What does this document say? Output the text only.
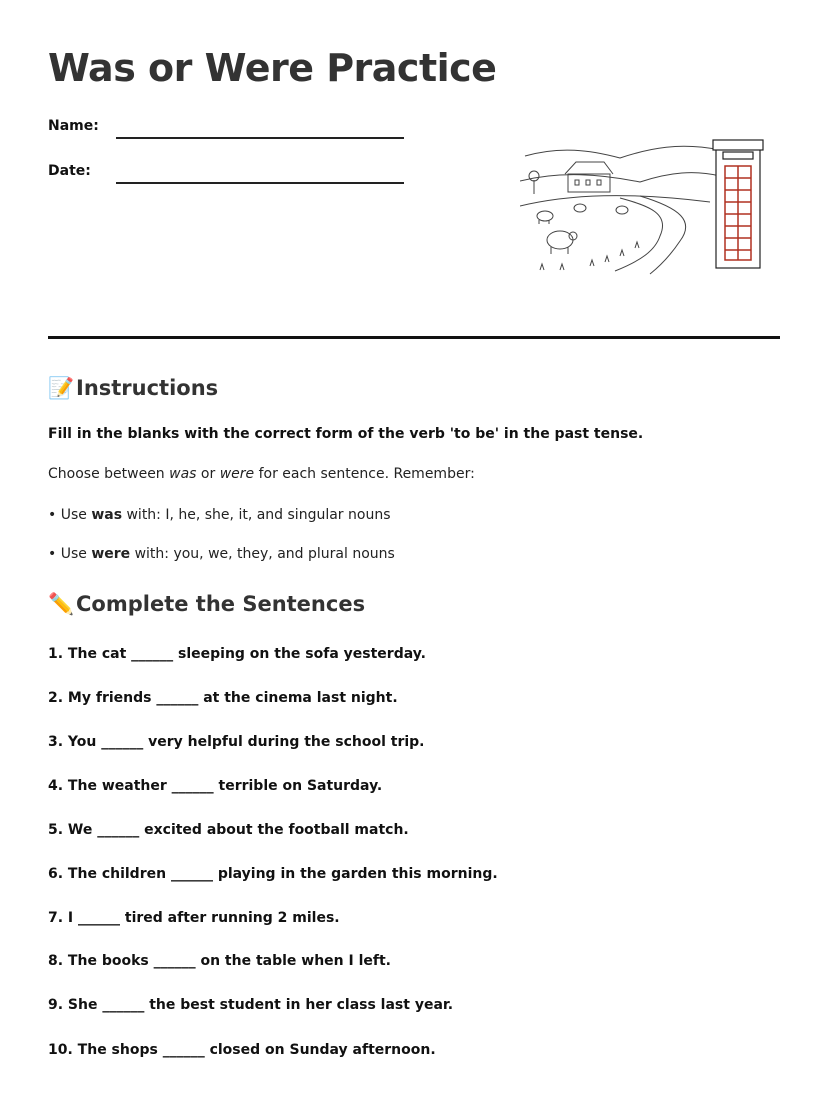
Was or Were Practice
Name:
Date:
📝Instructions
Fill in the blanks with the correct form of the verb 'to be' in the past tense.
Choose between was or were for each sentence. Remember:
• Use was with: I, he, she, it, and singular nouns
• Use were with: you, we, they, and plural nouns
✏️Complete the Sentences
1. The cat ______ sleeping on the sofa yesterday.
2. My friends ______ at the cinema last night.
3. You ______ very helpful during the school trip.
4. The weather ______ terrible on Saturday.
5. We ______ excited about the football match.
6. The children ______ playing in the garden this morning.
7. I ______ tired after running 2 miles.
8. The books ______ on the table when I left.
9. She ______ the best student in her class last year.
10. The shops ______ closed on Sunday afternoon.
